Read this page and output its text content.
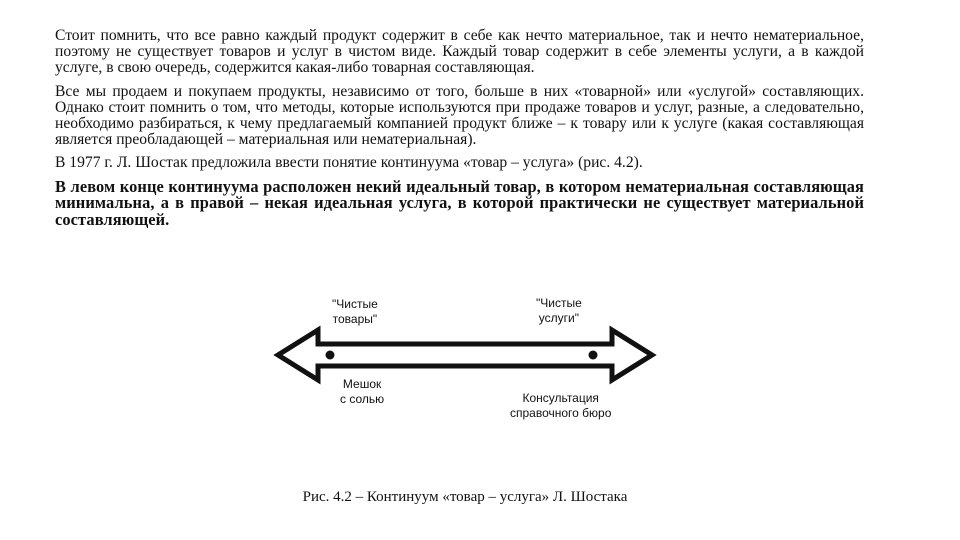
Стоит помнить, что все равно каждый продукт содержит в себе как нечто материальное, так и нечто нематериальное, поэтому не существует товаров и услуг в чистом виде. Каждый товар содержит в себе элементы услуги, а в каждой услуге, в свою очередь, содержится какая-либо товарная составляющая.

Все мы продаем и покупаем продукты, независимо от того, больше в них «товарной» или «услугой» составляющих. Однако стоит помнить о том, что методы, которые используются при продаже товаров и услуг, разные, а следовательно, необходимо разбираться, к чему предлагаемый компанией продукт ближе – к товару или к услуге (какая составляющая является преобладающей – материальная или нематериальная).

В 1977 г. Л. Шостак предложила ввести понятие континуума «товар – услуга» (рис. 4.2).

В левом конце континуума расположен некий идеальный товар, в котором нематериальная составляющая минимальна, а в правой – некая идеальная услуга, в которой практически не существует материальной составляющей.

"Чистые
товары"
"Чистые
услуги"
Мешок
с солью	Консультация
справочного бюро
Рис. 4.2 – Континуум «товар – услуга» Л. Шостака
